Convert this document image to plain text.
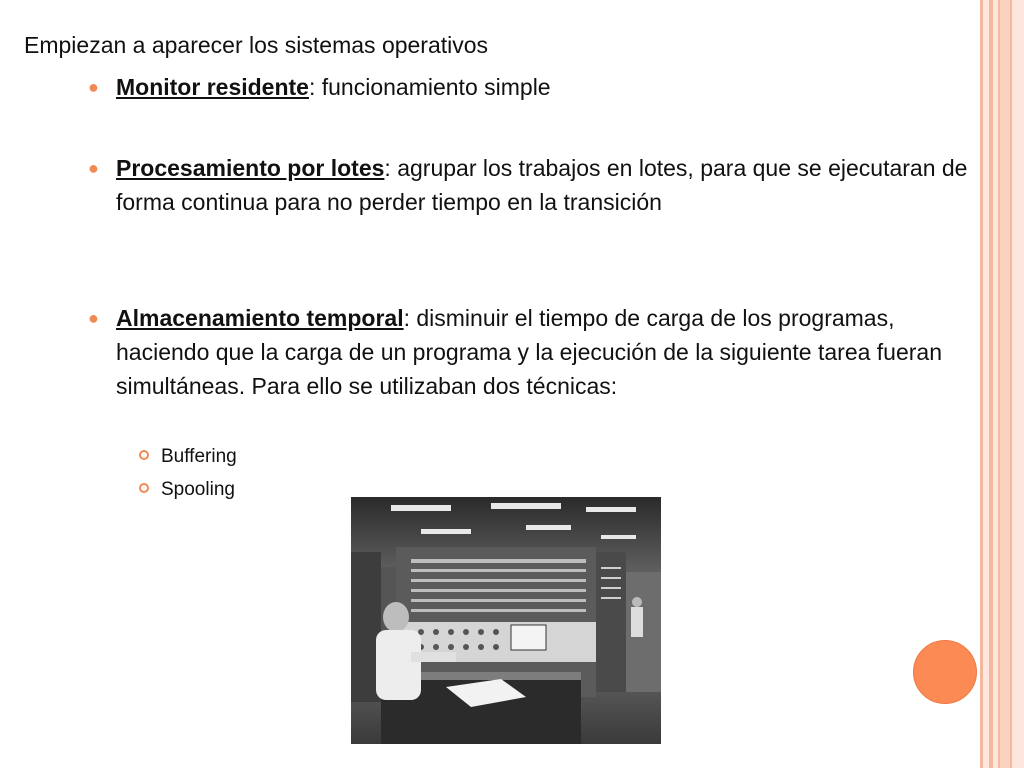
Empiezan a aparecer los sistemas operativos
● Monitor residente: funcionamiento simple
● Procesamiento por lotes: agrupar los trabajos en lotes, para que se ejecutaran de forma continua para no perder tiempo en la transición
● Almacenamiento temporal: disminuir el tiempo de carga de los programas, haciendo que la carga de un programa y la ejecución de la siguiente tarea fueran simultáneas. Para ello se utilizaban dos técnicas:
Buffering
Spooling
